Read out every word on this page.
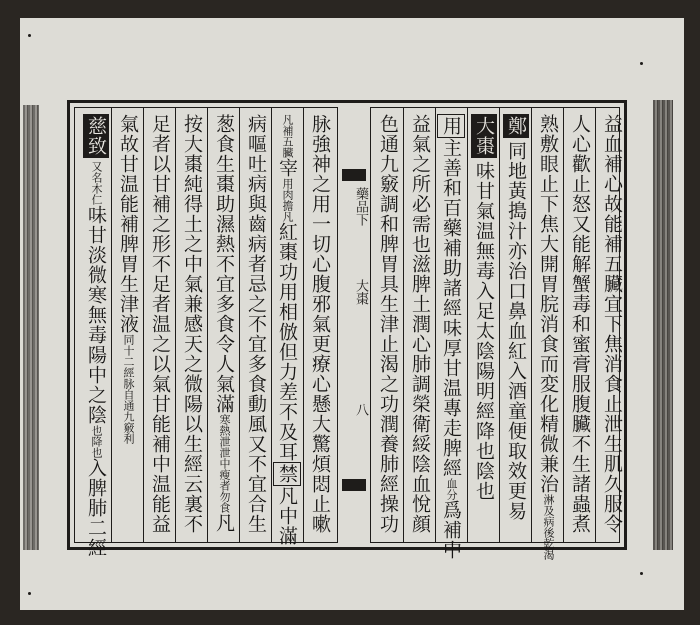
益血補心故能補五臟宜下焦消食止泄生肌久服令
人心歡止怒又能解蟹毒和蜜膏服腹臟不生諸蟲煮
熟敷眼止下焦大開胃脘消食而変化精微兼治淋及病後乾渴
鄭同地黃搗汁亦治口鼻血紅入酒童便取效更易
大棗味甘氣温無毒入足太陰陽明經降也陰也
用主善和百藥補助諸經味厚甘温專走脾經血分爲補中
益氣之所必需也滋脾土潤心肺調榮衛綏陰血悅顔
色通九竅調和脾胃具生津止渴之功潤養肺經操功
藥品下
大棗
八
脉強神之用一切心腹邪氣更療心懸大驚煩悶止嗽
凡補五臟宰用肉擔凡紅棗功用相倣但力差不及耳禁凡中滿
病嘔吐病與齒病者忌之不宜多食動風又不宜合生
葱食生棗助濕熱不宜多食令人氣滿寒熱泄泄中瘦者勿食凡
按大棗純得土之中氣兼感天之微陽以生經云裏不
足者以甘補之形不足者温之以氣甘能補中温能益
氣故甘温能補脾胃生津液同十二經脉自通九竅利
慈致又名木仁味甘淡微寒無毒陽中之陰也降也入脾肺二經
